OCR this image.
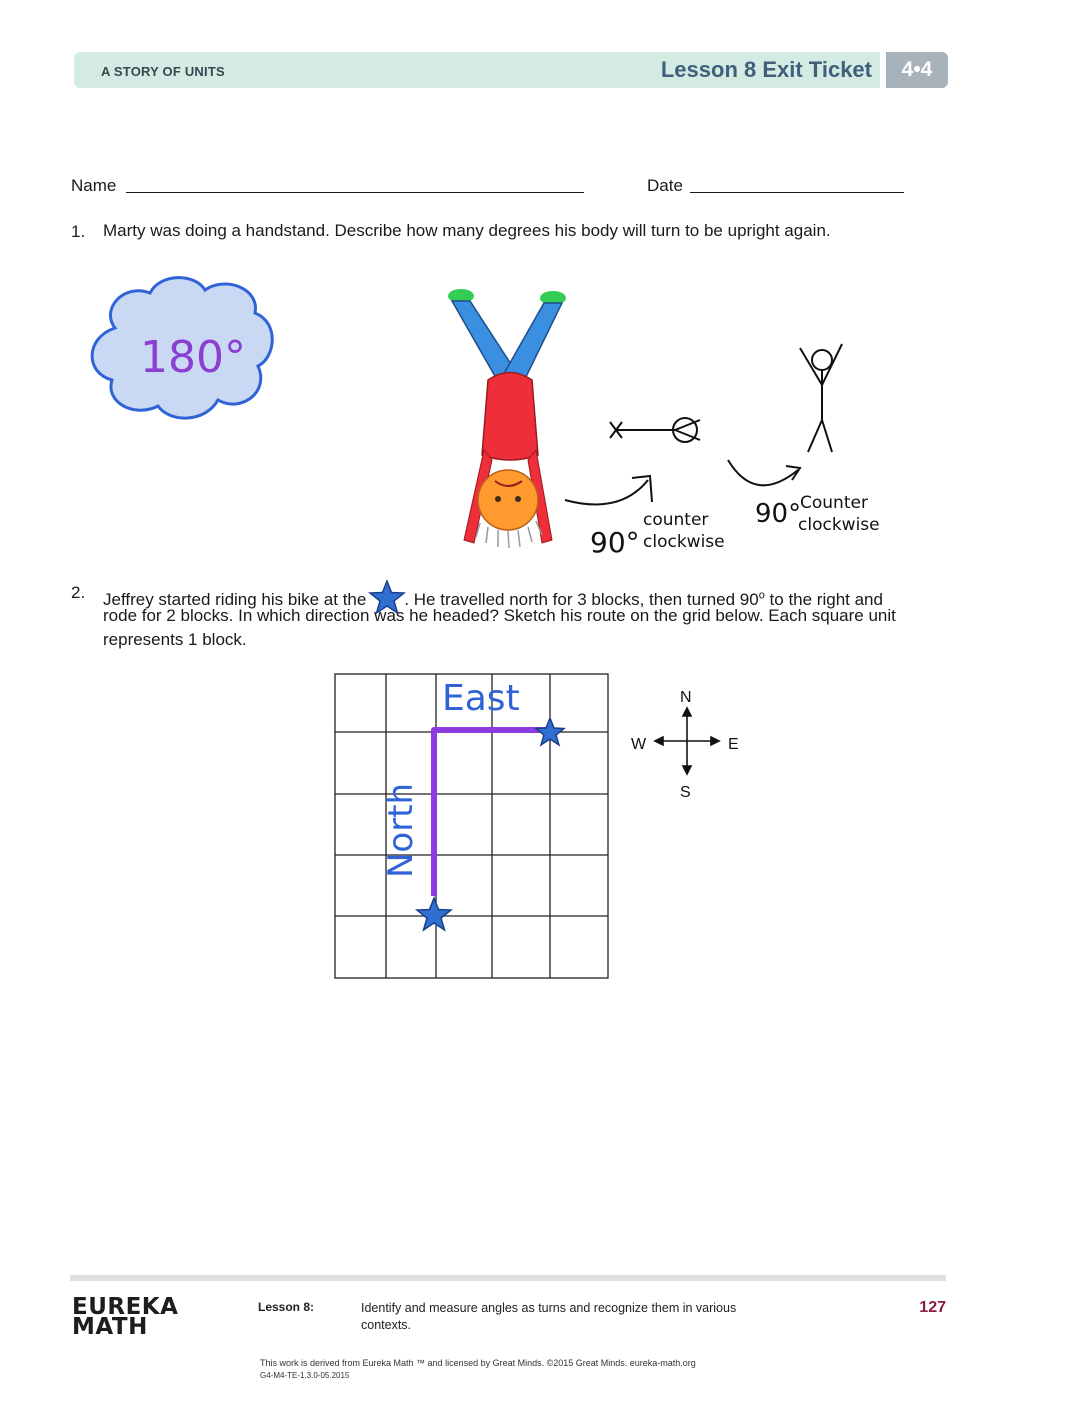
A STORY OF UNITS	Lesson 8 Exit Ticket	4•4
Name	Date
1. Marty was doing a handstand. Describe how many degrees his body will turn to be upright again.
180°
90°
counter
clockwise
90°
Counter
clockwise
2. Jeffrey started riding his bike at the . He travelled north for 3 blocks, then turned 90$^o$ to the right and
rode for 2 blocks. In which direction was he headed? Sketch his route on the grid below. Each square unit represents 1 block.
East
North
N
S
E
W
EUREKA
MATH
Lesson 8:	Identify and measure angles as turns and recognize them in various contexts.
127
This work is derived from Eureka Math ™ and licensed by Great Minds. ©2015 Great Minds. eureka-math.org
G4-M4-TE-1.3.0-05.2015
